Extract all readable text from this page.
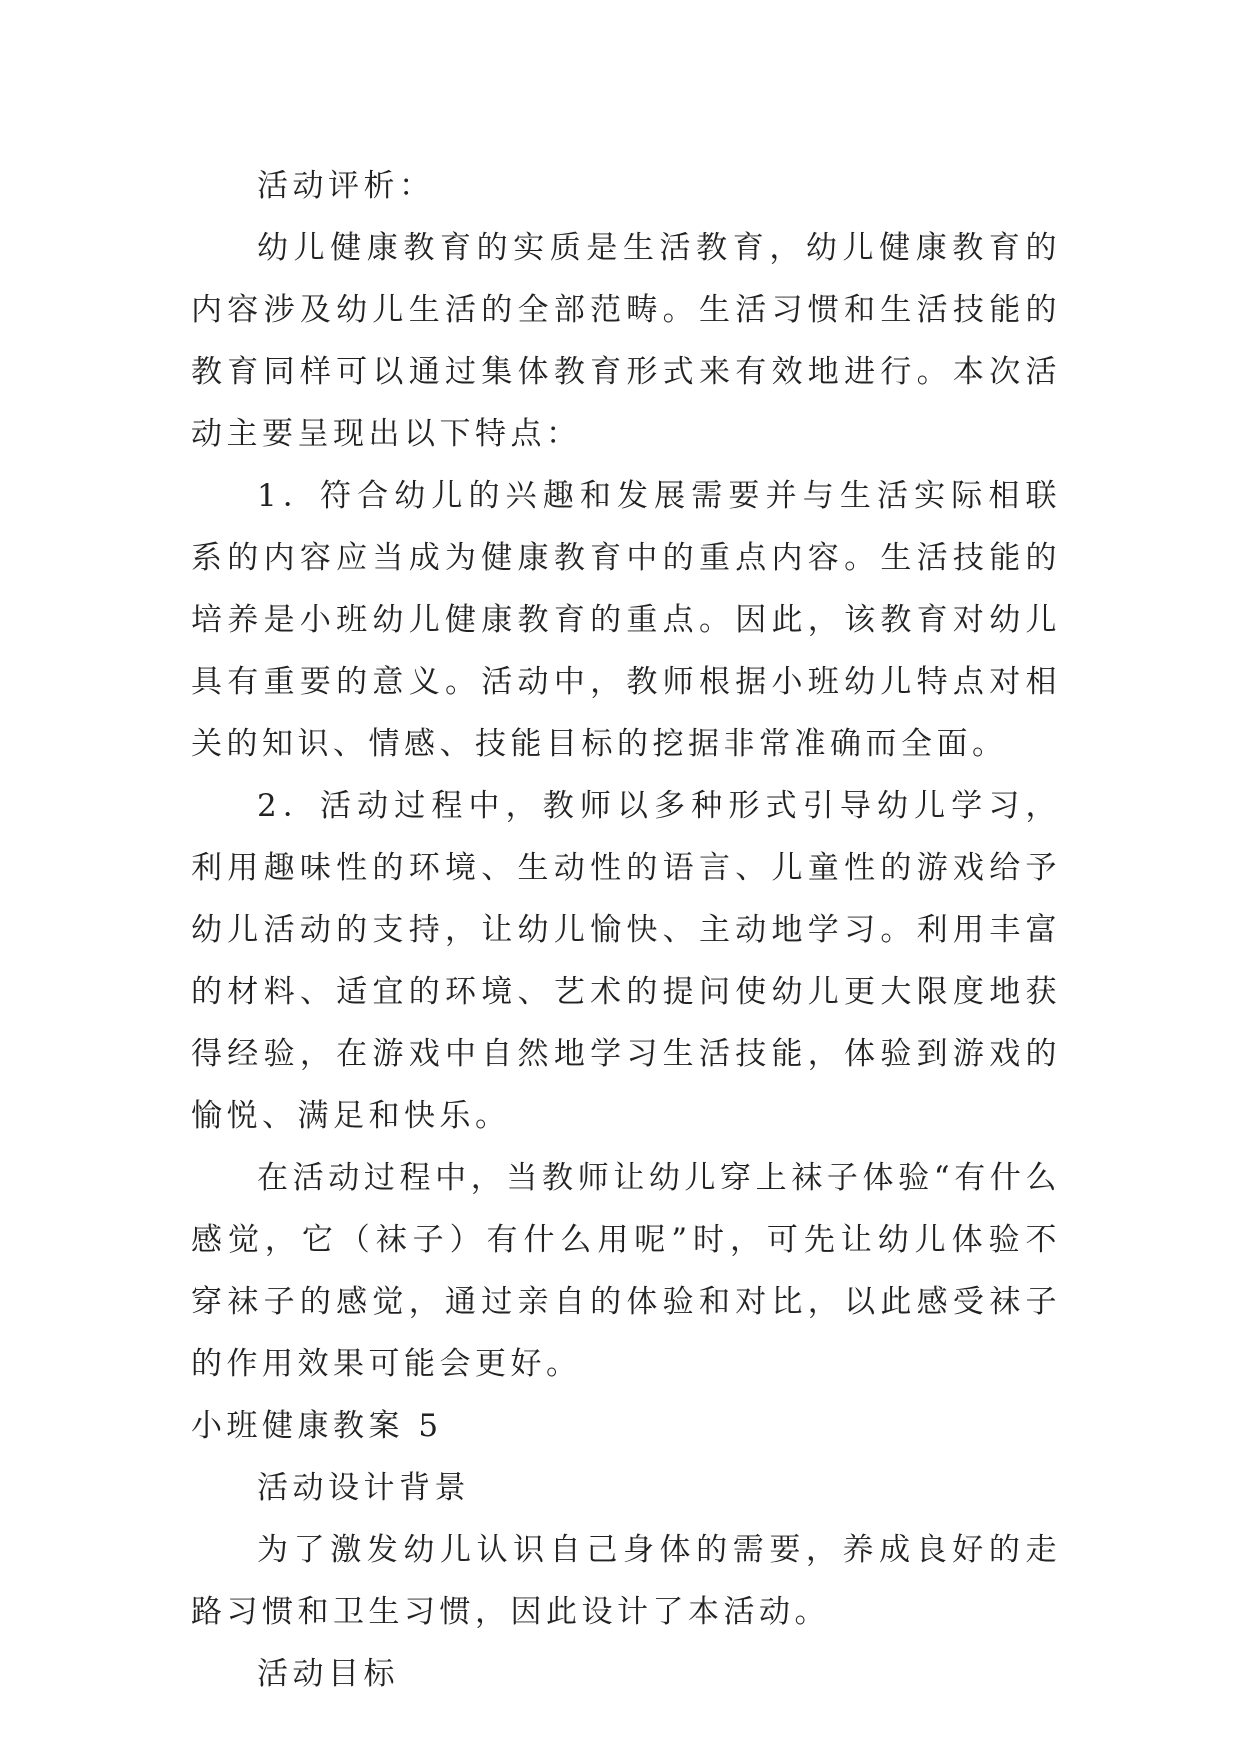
活动评析：

幼儿健康教育的实质是生活教育，幼儿健康教育的内容涉及幼儿生活的全部范畴。生活习惯和生活技能的教育同样可以通过集体教育形式来有效地进行。本次活动主要呈现出以下特点：

1．符合幼儿的兴趣和发展需要并与生活实际相联系的内容应当成为健康教育中的重点内容。生活技能的培养是小班幼儿健康教育的重点。因此，该教育对幼儿具有重要的意义。活动中，教师根据小班幼儿特点对相关的知识、情感、技能目标的挖据非常准确而全面。

2．活动过程中，教师以多种形式引导幼儿学习，利用趣味性的环境、生动性的语言、儿童性的游戏给予幼儿活动的支持，让幼儿愉快、主动地学习。利用丰富的材料、适宜的环境、艺术的提问使幼儿更大限度地获得经验，在游戏中自然地学习生活技能，体验到游戏的愉悦、满足和快乐。

在活动过程中，当教师让幼儿穿上袜子体验“有什么感觉，它（袜子）有什么用呢”时，可先让幼儿体验不穿袜子的感觉，通过亲自的体验和对比，以此感受袜子的作用效果可能会更好。

小班健康教案 5

活动设计背景

为了激发幼儿认识自己身体的需要，养成良好的走路习惯和卫生习惯，因此设计了本活动。

活动目标
